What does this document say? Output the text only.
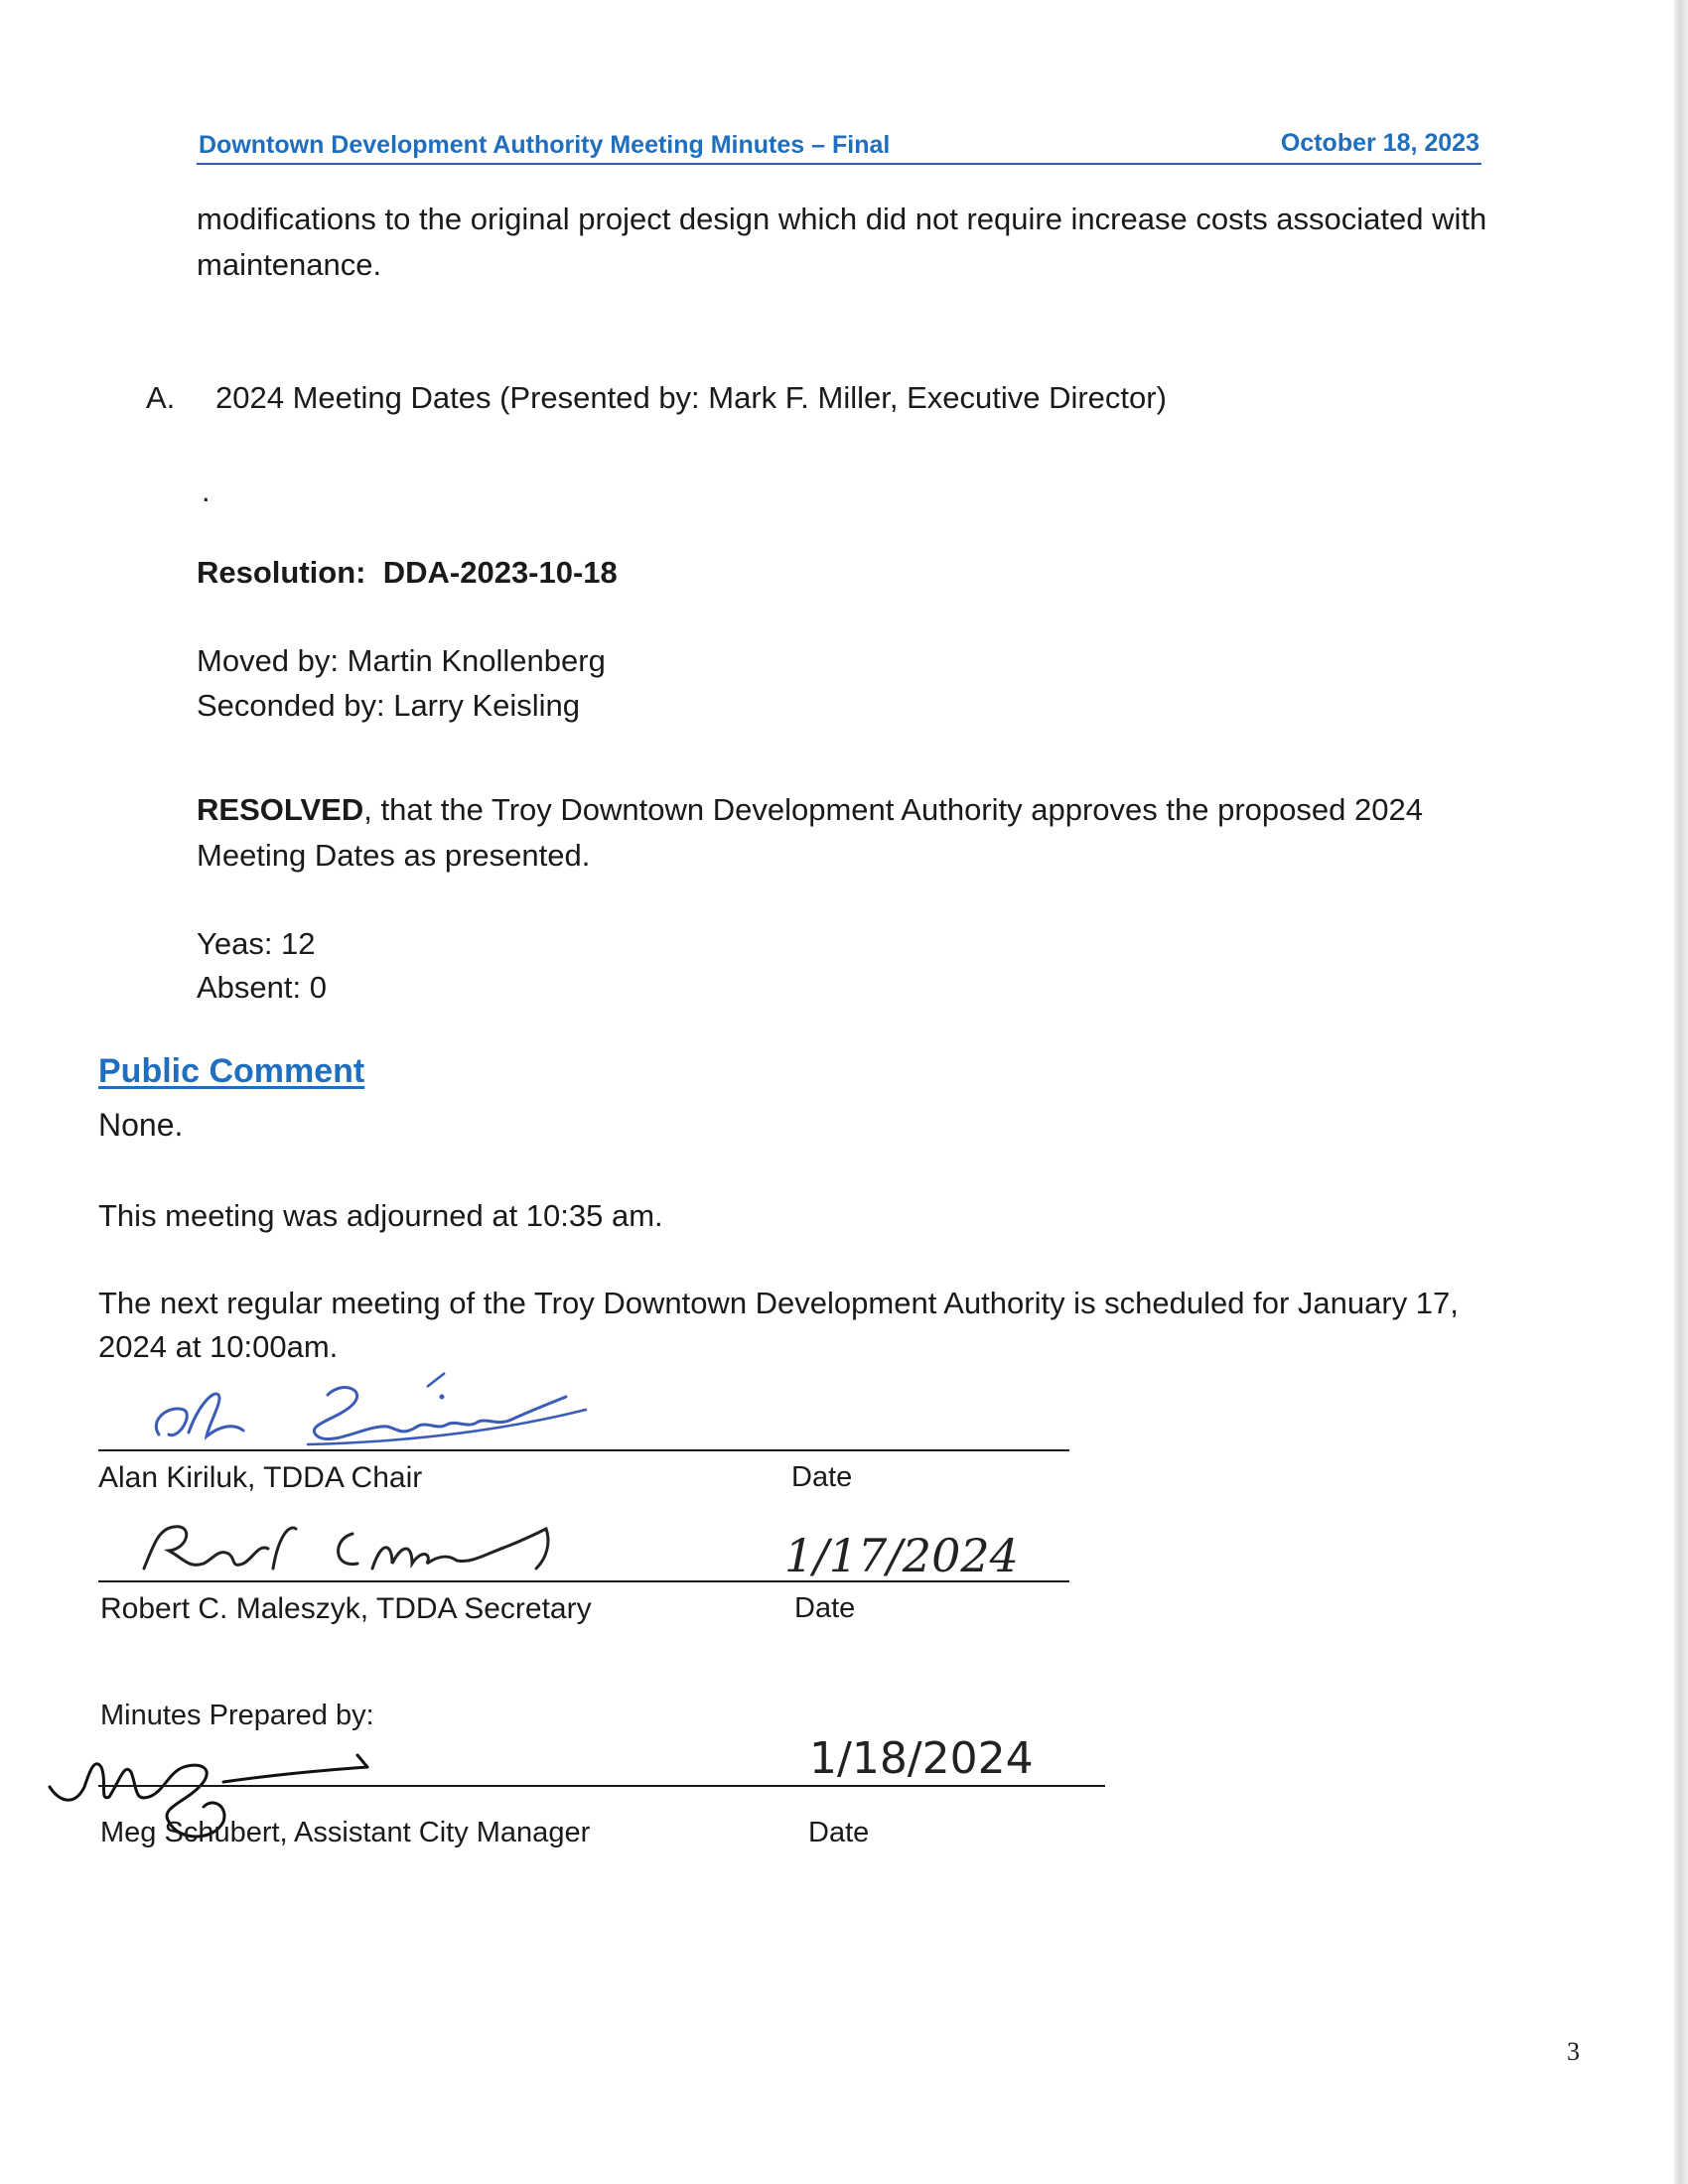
Downtown Development Authority Meeting Minutes – Final	October 18, 2023
modifications to the original project design which did not require increase costs associated with
maintenance.
A. 2024 Meeting Dates (Presented by: Mark F. Miller, Executive Director)
.
Resolution: DDA-2023-10-18
Moved by: Martin Knollenberg
Seconded by: Larry Keisling
RESOLVED, that the Troy Downtown Development Authority approves the proposed 2024
Meeting Dates as presented.
Yeas: 12
Absent: 0
Public Comment
None.
This meeting was adjourned at 10:35 am.
The next regular meeting of the Troy Downtown Development Authority is scheduled for January 17,
2024 at 10:00am.
Alan Kiriluk, TDDA Chair	Date
1/17/2024
Robert C. Maleszyk, TDDA Secretary	Date
Minutes Prepared by:
1/18/2024
Meg Schubert, Assistant City Manager	Date
3
